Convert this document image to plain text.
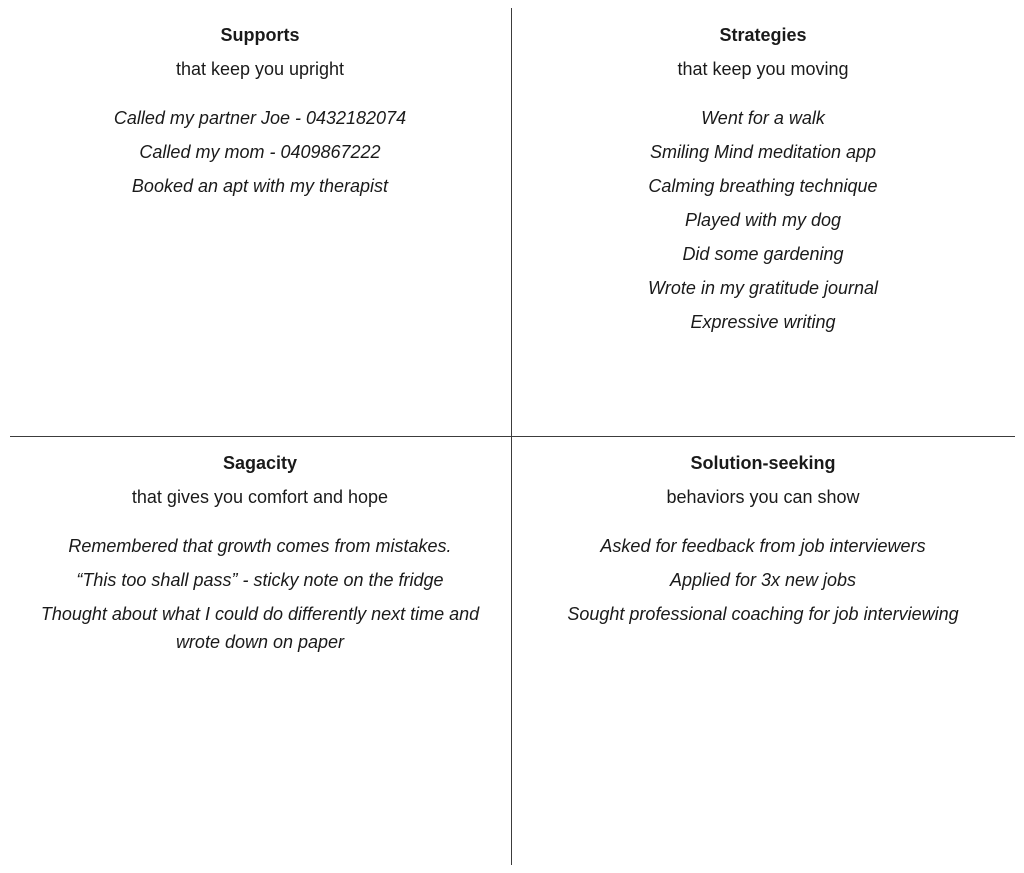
Supports

that keep you upright

Called my partner Joe - 0432182074
Called my mom - 0409867222
Booked an apt with my therapist
Strategies

that keep you moving

Went for a walk
Smiling Mind meditation app
Calming breathing technique
Played with my dog
Did some gardening
Wrote in my gratitude journal
Expressive writing
Sagacity

that gives you comfort and hope

Remembered that growth comes from mistakes.
“This too shall pass” - sticky note on the fridge
Thought about what I could do differently next time and wrote down on paper
Solution-seeking

behaviors you can show

Asked for feedback from job interviewers
Applied for 3x new jobs
Sought professional coaching for job interviewing
